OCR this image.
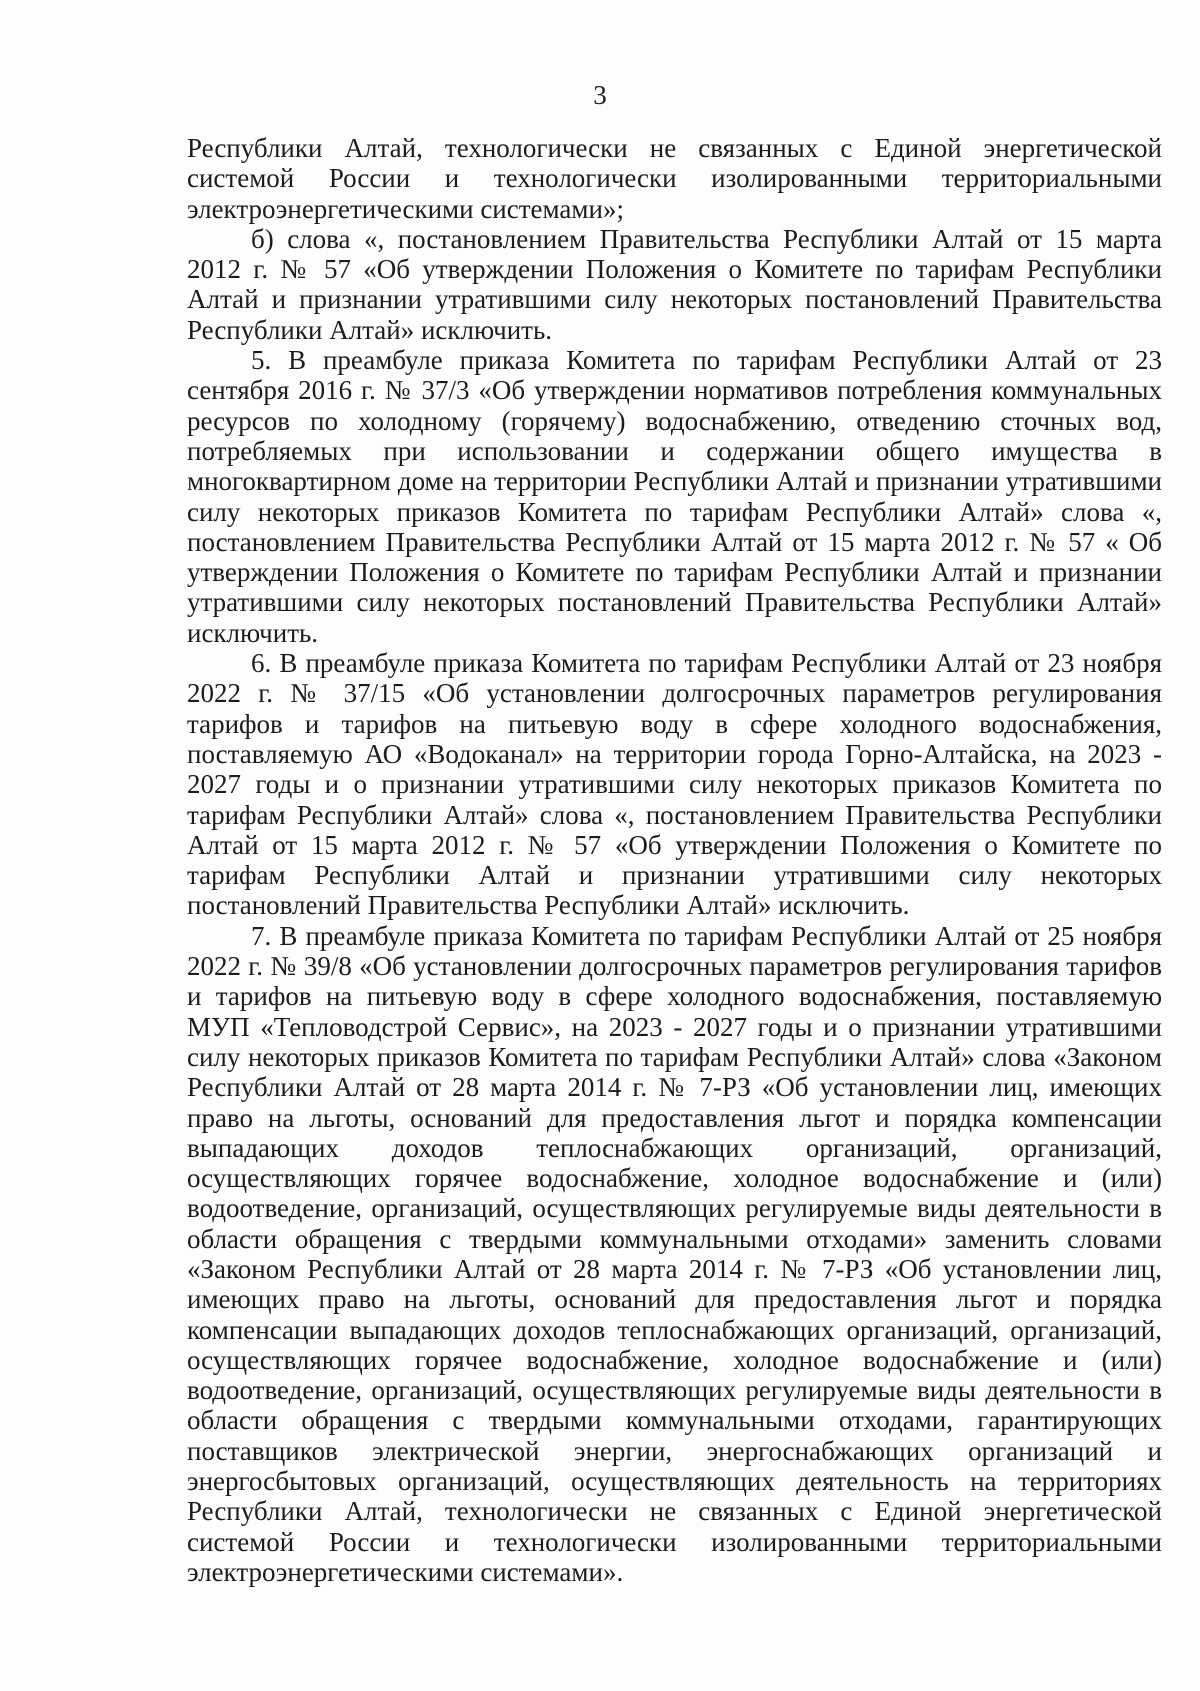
3

Республики Алтай, технологически не связанных с Единой энергетической системой России и технологически изолированными территориальными электроэнергетическими системами»;

б) слова «, постановлением Правительства Республики Алтай от 15 марта 2012 г. № 57 «Об утверждении Положения о Комитете по тарифам Республики Алтай и признании утратившими силу некоторых постановлений Правительства Республики Алтай» исключить.

5. В преамбуле приказа Комитета по тарифам Республики Алтай от 23 сентября 2016 г. № 37/3 «Об утверждении нормативов потребления коммунальных ресурсов по холодному (горячему) водоснабжению, отведению сточных вод, потребляемых при использовании и содержании общего имущества в многоквартирном доме на территории Республики Алтай и признании утратившими силу некоторых приказов Комитета по тарифам Республики Алтай» слова «, постановлением Правительства Республики Алтай от 15 марта 2012 г. № 57 « Об утверждении Положения о Комитете по тарифам Республики Алтай и признании утратившими силу некоторых постановлений Правительства Республики Алтай» исключить.

6. В преамбуле приказа Комитета по тарифам Республики Алтай от 23 ноября 2022 г. № 37/15 «Об установлении долгосрочных параметров регулирования тарифов и тарифов на питьевую воду в сфере холодного водоснабжения, поставляемую АО «Водоканал» на территории города Горно-Алтайска, на 2023 - 2027 годы и о признании утратившими силу некоторых приказов Комитета по тарифам Республики Алтай» слова «, постановлением Правительства Республики Алтай от 15 марта 2012 г. № 57 «Об утверждении Положения о Комитете по тарифам Республики Алтай и признании утратившими силу некоторых постановлений Правительства Республики Алтай» исключить.

7. В преамбуле приказа Комитета по тарифам Республики Алтай от 25 ноября 2022 г. № 39/8 «Об установлении долгосрочных параметров регулирования тарифов и тарифов на питьевую воду в сфере холодного водоснабжения, поставляемую МУП «Тепловодстрой Сервис», на 2023 - 2027 годы и о признании утратившими силу некоторых приказов Комитета по тарифам Республики Алтай» слова «Законом Республики Алтай от 28 марта 2014 г. № 7-РЗ «Об установлении лиц, имеющих право на льготы, оснований для предоставления льгот и порядка компенсации выпадающих доходов теплоснабжающих организаций, организаций, осуществляющих горячее водоснабжение, холодное водоснабжение и (или) водоотведение, организаций, осуществляющих регулируемые виды деятельности в области обращения с твердыми коммунальными отходами» заменить словами «Законом Республики Алтай от 28 марта 2014 г. № 7-РЗ «Об установлении лиц, имеющих право на льготы, оснований для предоставления льгот и порядка компенсации выпадающих доходов теплоснабжающих организаций, организаций, осуществляющих горячее водоснабжение, холодное водоснабжение и (или) водоотведение, организаций, осуществляющих регулируемые виды деятельности в области обращения с твердыми коммунальными отходами, гарантирующих поставщиков электрической энергии, энергоснабжающих организаций и энергосбытовых организаций, осуществляющих деятельность на территориях Республики Алтай, технологически не связанных с Единой энергетической системой России и технологически изолированными территориальными электроэнергетическими системами».
